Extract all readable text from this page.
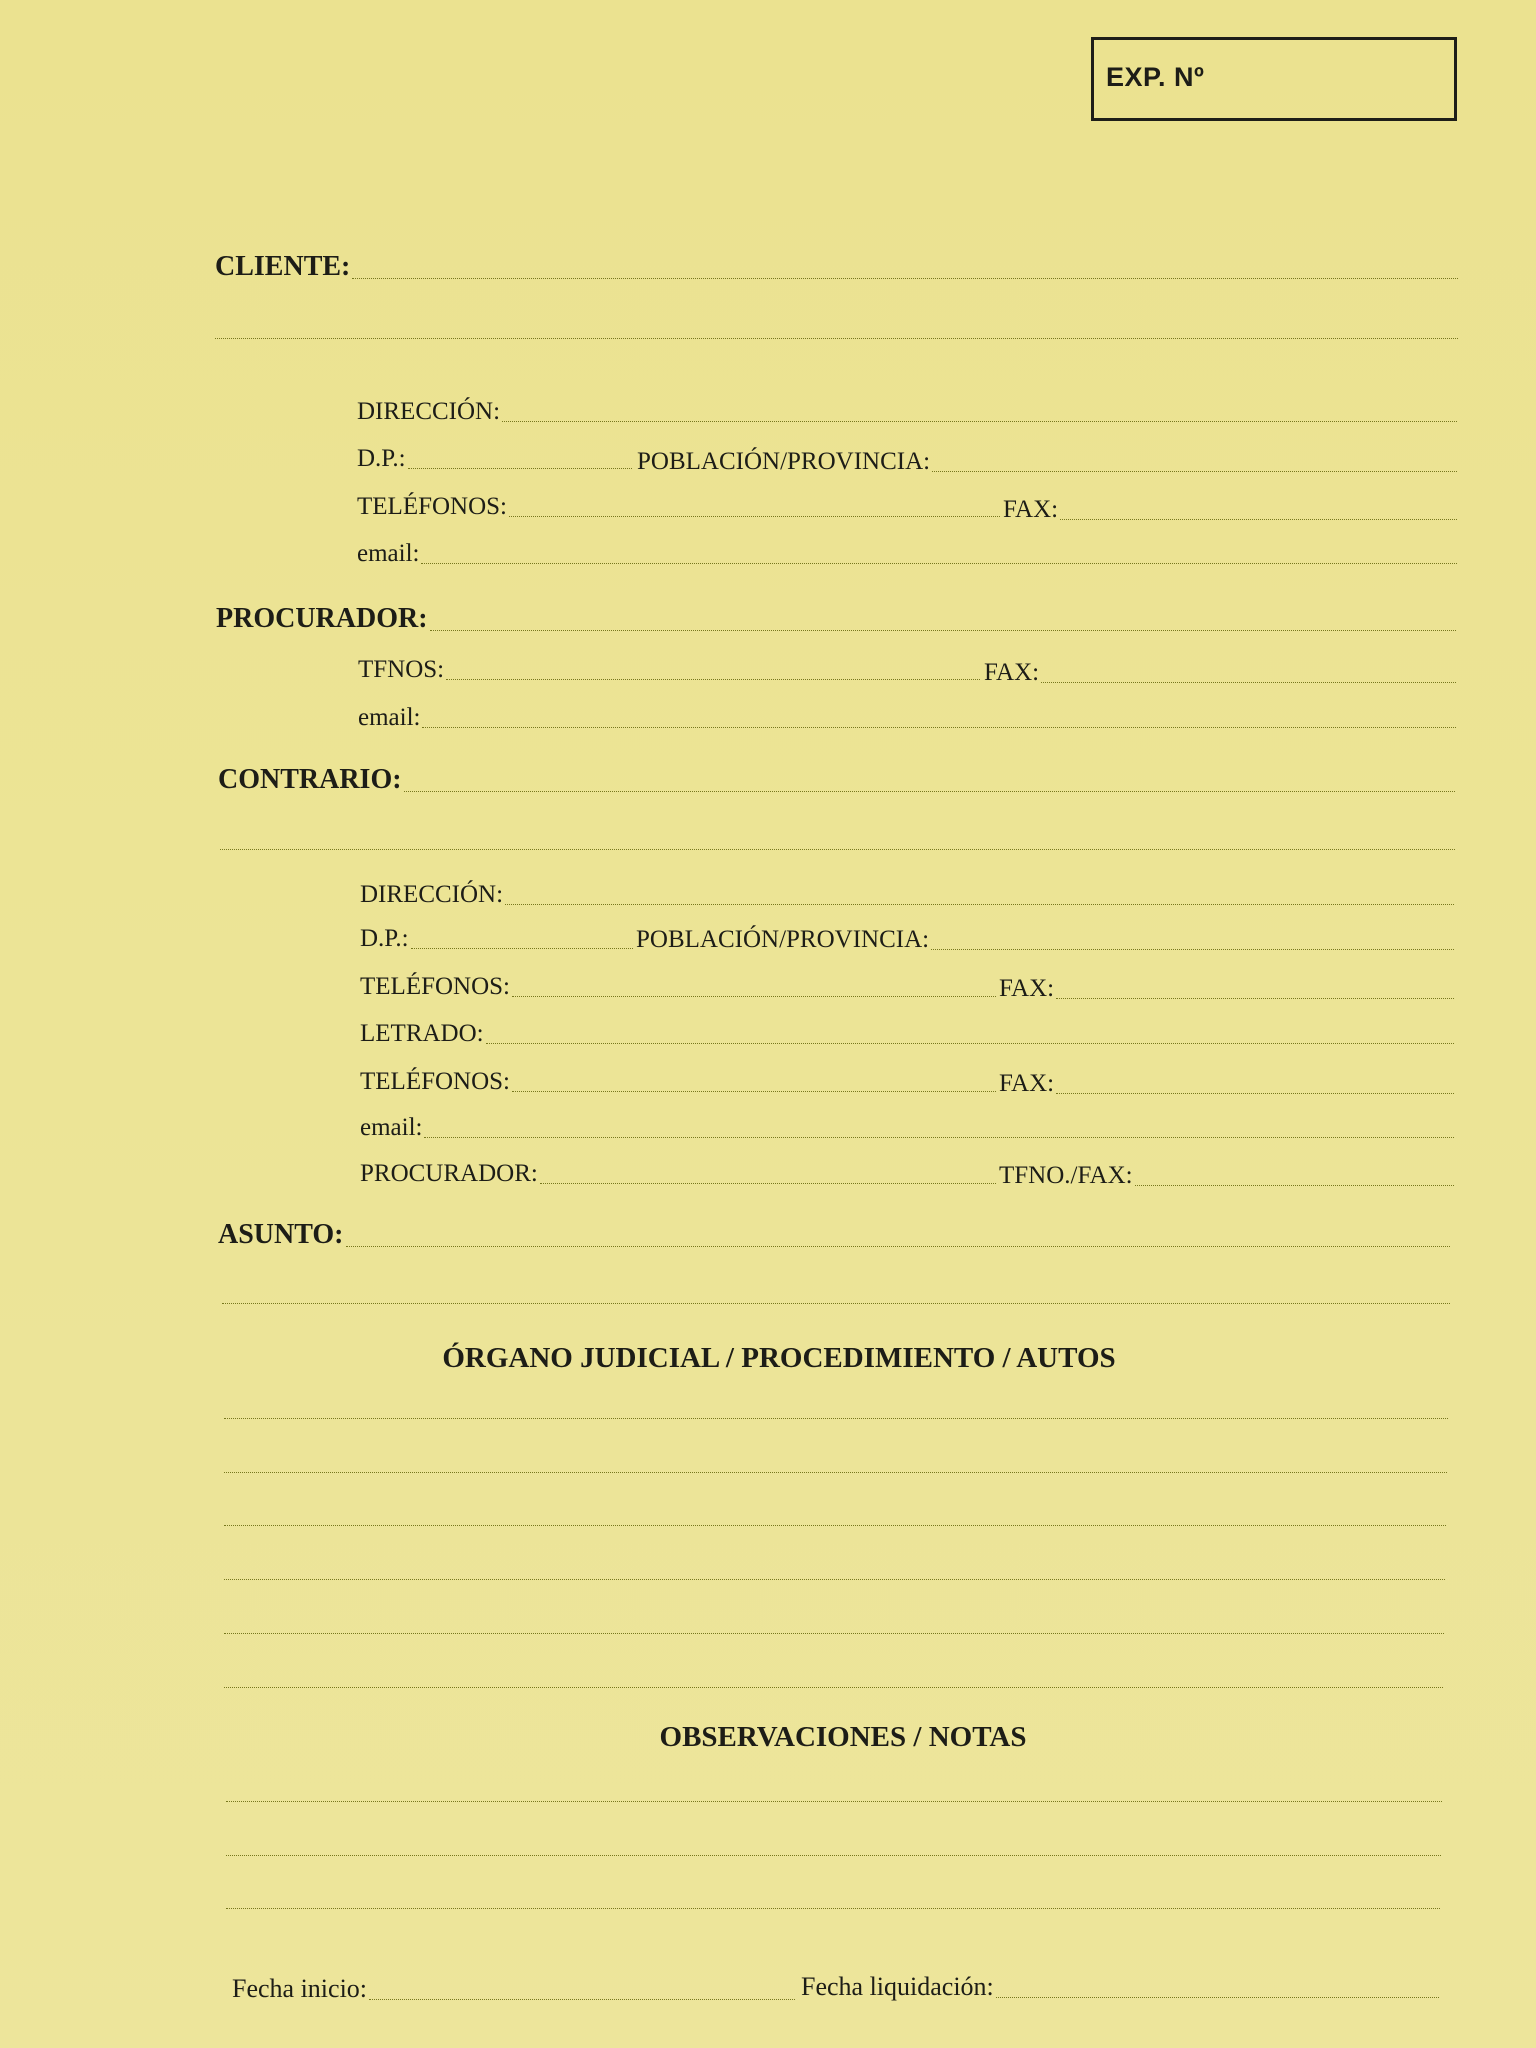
EXP. Nº
CLIENTE:
DIRECCIÓN:
D.P.:	POBLACIÓN/PROVINCIA:
TELÉFONOS:	FAX:
email:
PROCURADOR:
TFNOS:	FAX:
email:
CONTRARIO:
DIRECCIÓN:
D.P.:	POBLACIÓN/PROVINCIA:
TELÉFONOS:	FAX:
LETRADO:
TELÉFONOS:	FAX:
email:
PROCURADOR:	TFNO./FAX:
ASUNTO:
ÓRGANO JUDICIAL / PROCEDIMIENTO / AUTOS
OBSERVACIONES / NOTAS
Fecha inicio:	Fecha liquidación:
